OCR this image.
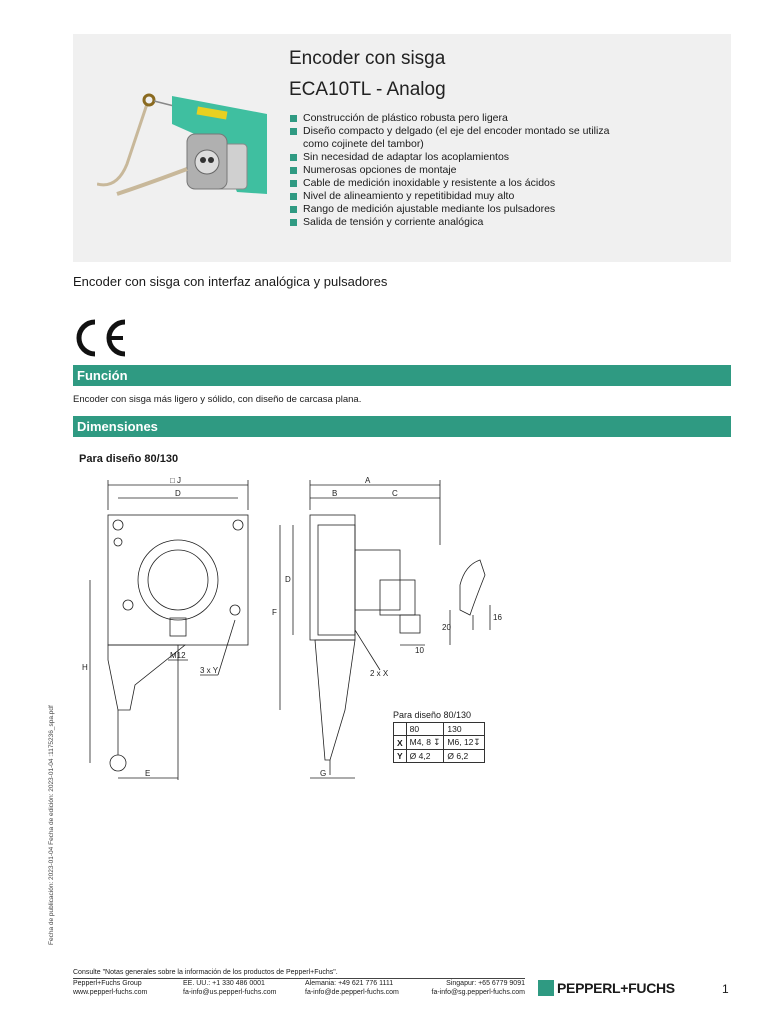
Encoder con sisga
ECA10TL - Analog
Construcción de plástico robusta pero ligera
Diseño compacto y delgado (el eje del encoder montado se utiliza como cojinete del tambor)
Sin necesidad de adaptar los acoplamientos
Numerosas opciones de montaje
Cable de medición inoxidable y resistente a los ácidos
Nivel de alineamiento y repetitibidad muy alto
Rango de medición ajustable mediante los pulsadores
Salida de tensión y corriente analógica
Encoder con sisga con interfaz analógica y pulsadores
Función
Encoder con sisga más ligero y sólido, con diseño de carcasa plana.
Dimensiones
Para diseño 80/130
□ J
D
A
B	C
D
F
H
M12
3 x Y	2 x X
E	G
20
10
16
Para diseño 80/130
	80	130
X	M4, 8 ↧	M6, 12↧
Y	Ø 4,2	Ø 6,2
Fecha de publicación: 2023-01-04 Fecha de edición: 2023-01-04 :1175236_spa.pdf
Consulte "Notas generales sobre la información de los productos de Pepperl+Fuchs".
Pepperl+Fuchs Group
www.pepperl-fuchs.com
EE. UU.: +1 330 486 0001
fa-info@us.pepperl-fuchs.com
Alemania: +49 621 776 1111
fa-info@de.pepperl-fuchs.com
Singapur: +65 6779 9091
fa-info@sg.pepperl-fuchs.com PEPPERL+FUCHS	1
